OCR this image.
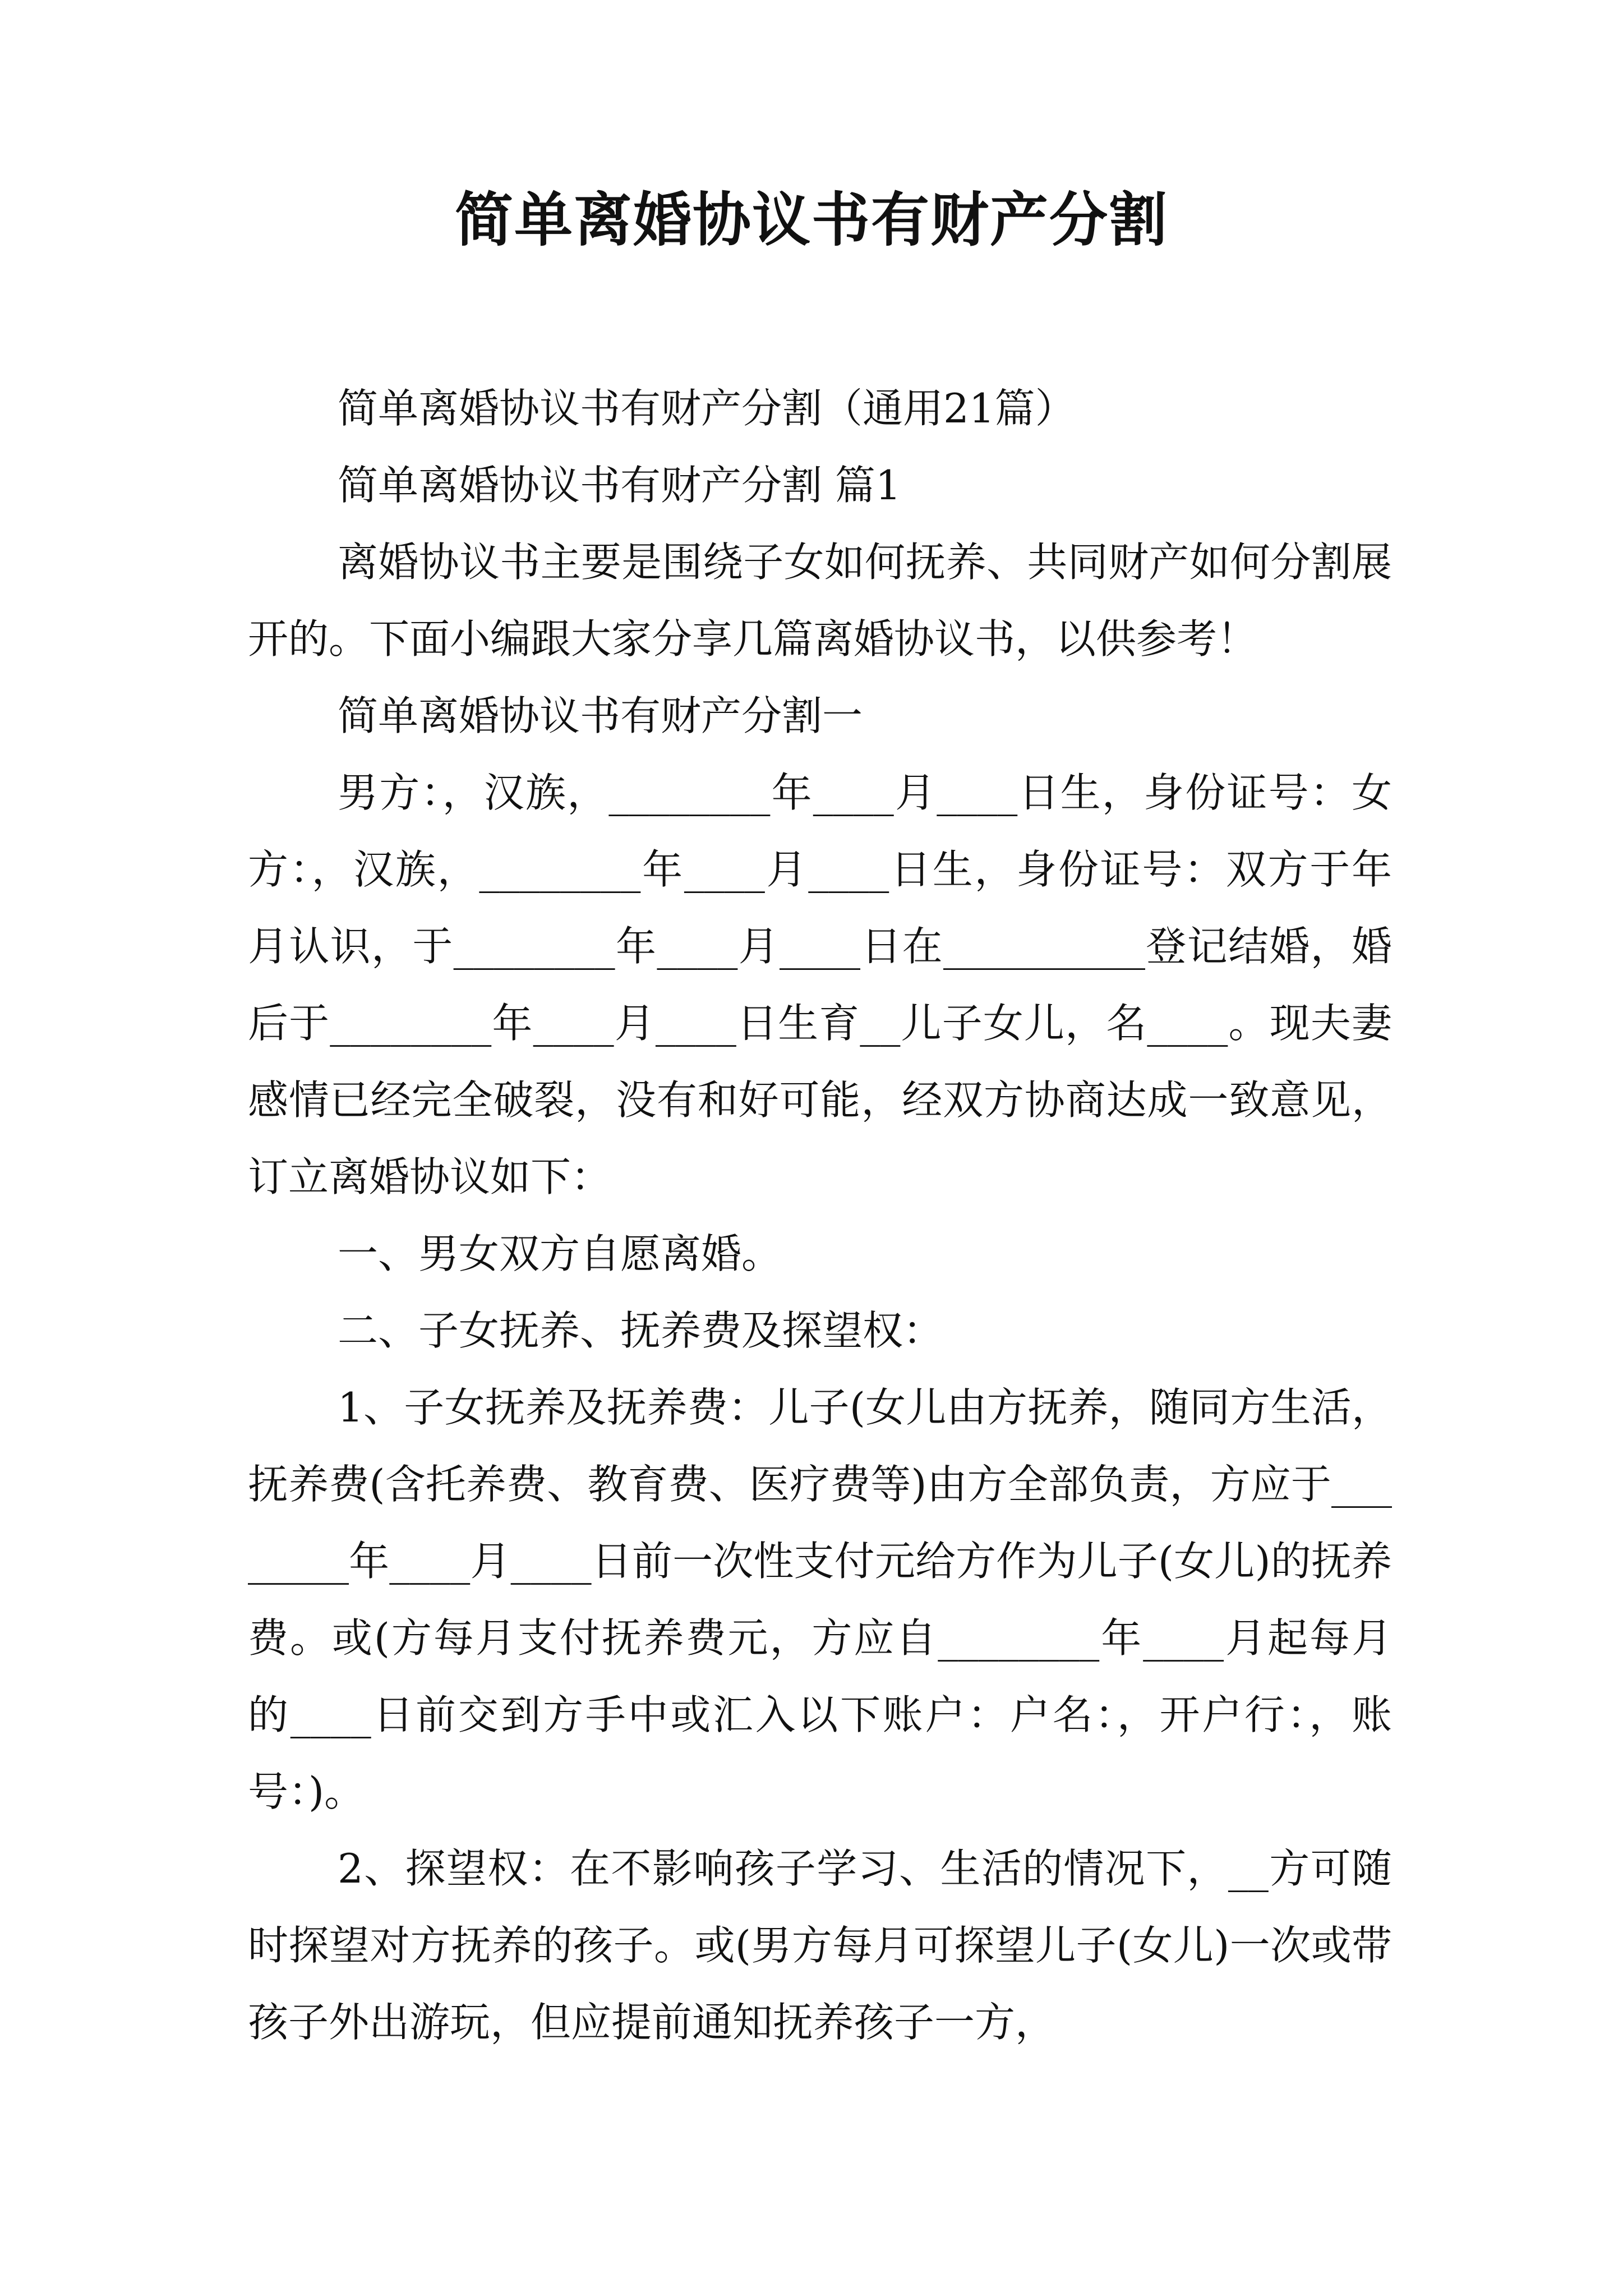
简单离婚协议书有财产分割

简单离婚协议书有财产分割（通用21篇）

简单离婚协议书有财产分割 篇1

离婚协议书主要是围绕子女如何抚养、共同财产如何分割展开的。下面小编跟大家分享几篇离婚协议书，以供参考！

简单离婚协议书有财产分割一

男方：，汉族，________年____月____日生，身份证号：女方：，汉族，________年____月____日生，身份证号：双方于年月认识，于________年____月____日在__________登记结婚，婚后于________年____月____日生育__儿子女儿，名____。现夫妻感情已经完全破裂，没有和好可能，经双方协商达成一致意见，订立离婚协议如下：

一、男女双方自愿离婚。

二、子女抚养、抚养费及探望权：

1、子女抚养及抚养费：儿子(女儿由方抚养，随同方生活，抚养费(含托养费、教育费、医疗费等)由方全部负责，方应于________年____月____日前一次性支付元给方作为儿子(女儿)的抚养费。或(方每月支付抚养费元，方应自________年____月起每月的____日前交到方手中或汇入以下账户：户名：，开户行：，账号：)。

2、探望权：在不影响孩子学习、生活的情况下，__方可随时探望对方抚养的孩子。或(男方每月可探望儿子(女儿)一次或带孩子外出游玩，但应提前通知抚养孩子一方，
